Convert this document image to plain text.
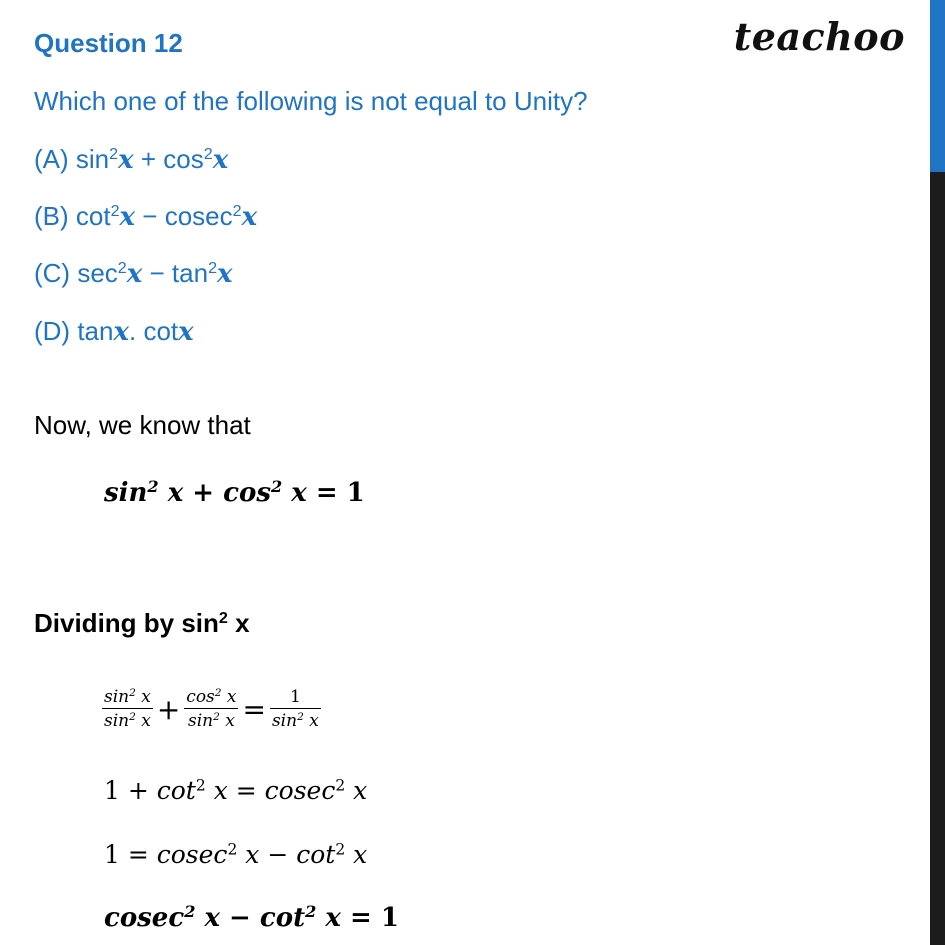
teachoo
Question 12
Which one of the following is not equal to Unity?
(A) $\sin^2x + \cos^2x$
(B) $\cot^2x - cosec^2x$
(C) $\sec^2x - \tan^2x$
(D) tanx. cotx
Now, we know that
$\sin^2 x + \cos^2 x = 1$
Dividing by $\sin^2 x$
$\frac{\sin^2 x}{\sin^2 x} + \frac{\cos^2 x}{\sin^2 x} = \frac{1}{\sin^2 x}$
$1 + \cot^2 x = cosec^2$ x
1 = cosec$^2$ $x - \cot^2 x$
cosec$^2$ $x - \cot^2 x = 1$
